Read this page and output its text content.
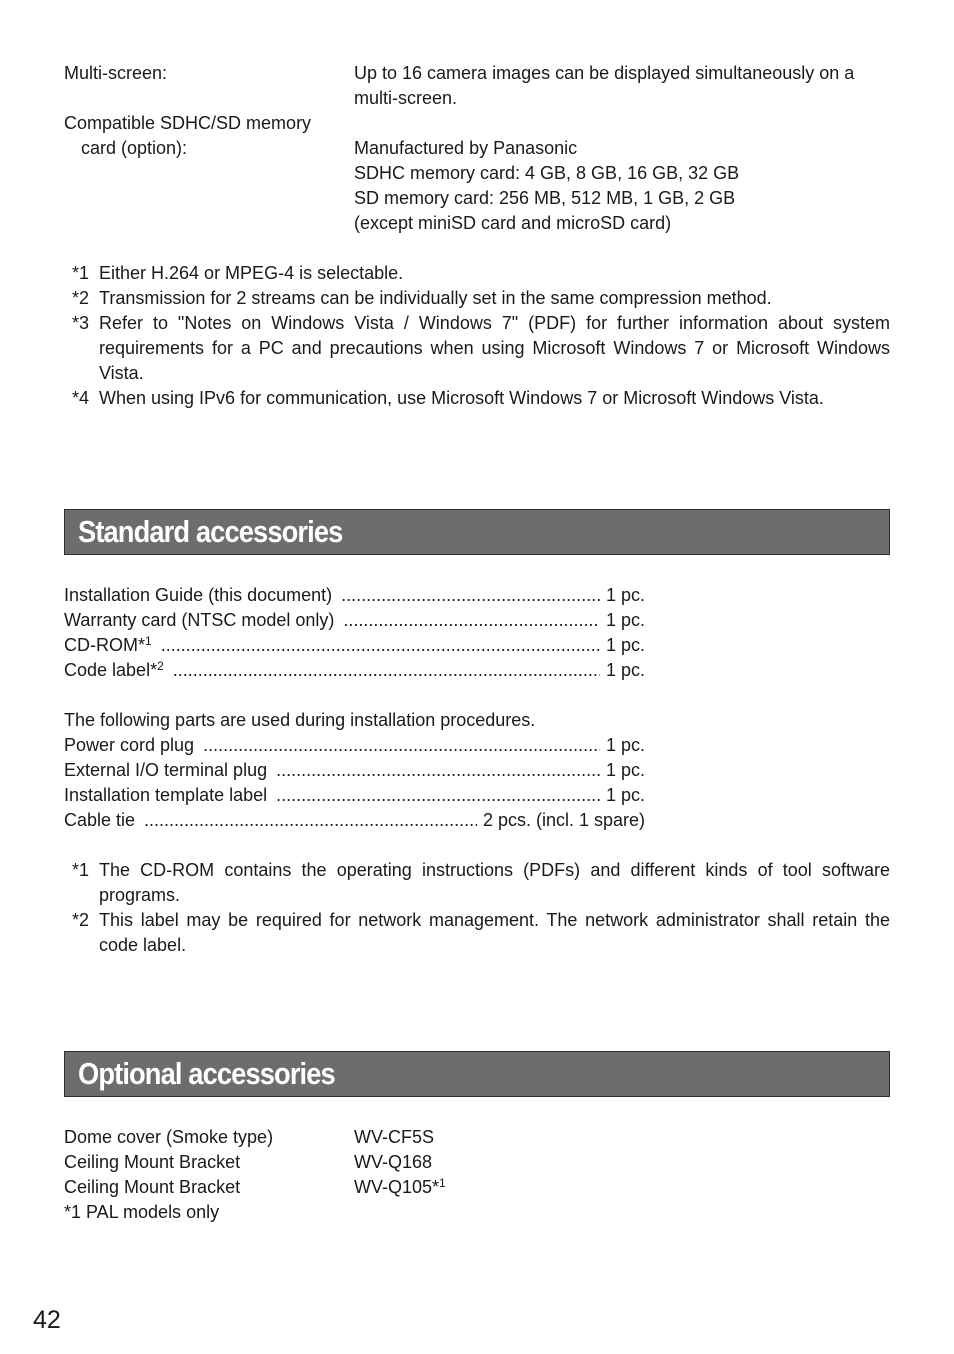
Multi-screen:	Up to 16 camera images can be displayed simultaneously on a
multi-screen.
Compatible SDHC/SD memory
card (option):	Manufactured by Panasonic
SDHC memory card: 4 GB, 8 GB, 16 GB, 32 GB
SD memory card: 256 MB, 512 MB, 1 GB, 2 GB
(except miniSD card and microSD card)
*1 Either H.264 or MPEG-4 is selectable.
*2 Transmission for 2 streams can be individually set in the same compression method.
*3 Refer to "Notes on Windows Vista / Windows 7" (PDF) for further information about system requirements for a PC and precautions when using Microsoft Windows 7 or Microsoft Windows Vista.
*4 When using IPv6 for communication, use Microsoft Windows 7 or Microsoft Windows Vista.
Standard accessories
Installation Guide (this document) .....	1 pc.
Warranty card (NTSC model only) .....	1 pc.
CD-ROM*$^1$ .....	1 pc.
Code label*$^2$ .....	1 pc.
The following parts are used during installation procedures.
Power cord plug .....	1 pc.
External I/O terminal plug .....	1 pc.
Installation template label .....	1 pc.
Cable tie .....	2 pcs. (incl. 1 spare)
*1 The CD-ROM contains the operating instructions (PDFs) and different kinds of tool software programs.
*2 This label may be required for network management. The network administrator shall retain the code label.
Optional accessories
Dome cover (Smoke type)	WV-CF5S
Ceiling Mount Bracket	WV-Q168
Ceiling Mount Bracket	WV-Q105*$^1$
*1 PAL models only
42
